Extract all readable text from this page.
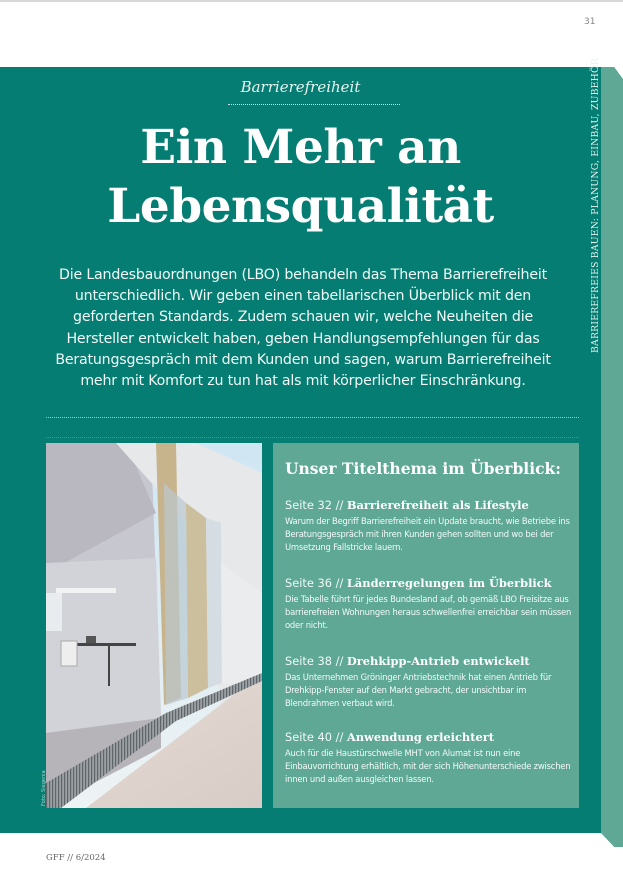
31
Barrierefreiheit
Ein Mehr an
Lebensqualität
Die Landesbauordnungen (LBO) behandeln das Thema Barrierefreiheit unterschiedlich. Wir geben einen tabellarischen Überblick mit den geforderten Standards. Zudem schauen wir, welche Neuheiten die Hersteller entwickelt haben, geben Handlungsempfehlungen für das Beratungsgespräch mit dem Kunden und sagen, warum Barrierefreiheit mehr mit Komfort zu tun hat als mit körperlicher Einschränkung.
BARRIEREFREIES BAUEN: PLANUNG, EINBAU, ZUBEHÖR
Foto: Siegenia
Unser Titelthema im Überblick:
Seite 32 // Barrierefreiheit als Lifestyle
Warum der Begriff Barrierefreiheit ein Update braucht, wie Betriebe ins Beratungsgespräch mit ihren Kunden gehen sollten und wo bei der Umsetzung Fallstricke lauern.
Seite 36 // Länderregelungen im Überblick
Die Tabelle führt für jedes Bundesland auf, ob gemäß LBO Freisitze aus barrierefreien Wohnungen heraus schwellenfrei erreichbar sein müssen oder nicht.
Seite 38 // Drehkipp-Antrieb entwickelt
Das Unternehmen Gröninger Antriebstechnik hat einen Antrieb für Drehkipp-Fenster auf den Markt gebracht, der unsichtbar im Blendrahmen verbaut wird.
Seite 40 // Anwendung erleichtert
Auch für die Haustürschwelle MHT von Alumat ist nun eine Einbauvorrichtung erhältlich, mit der sich Höhenunterschiede zwischen innen und außen ausgleichen lassen.
GFF // 6/2024
